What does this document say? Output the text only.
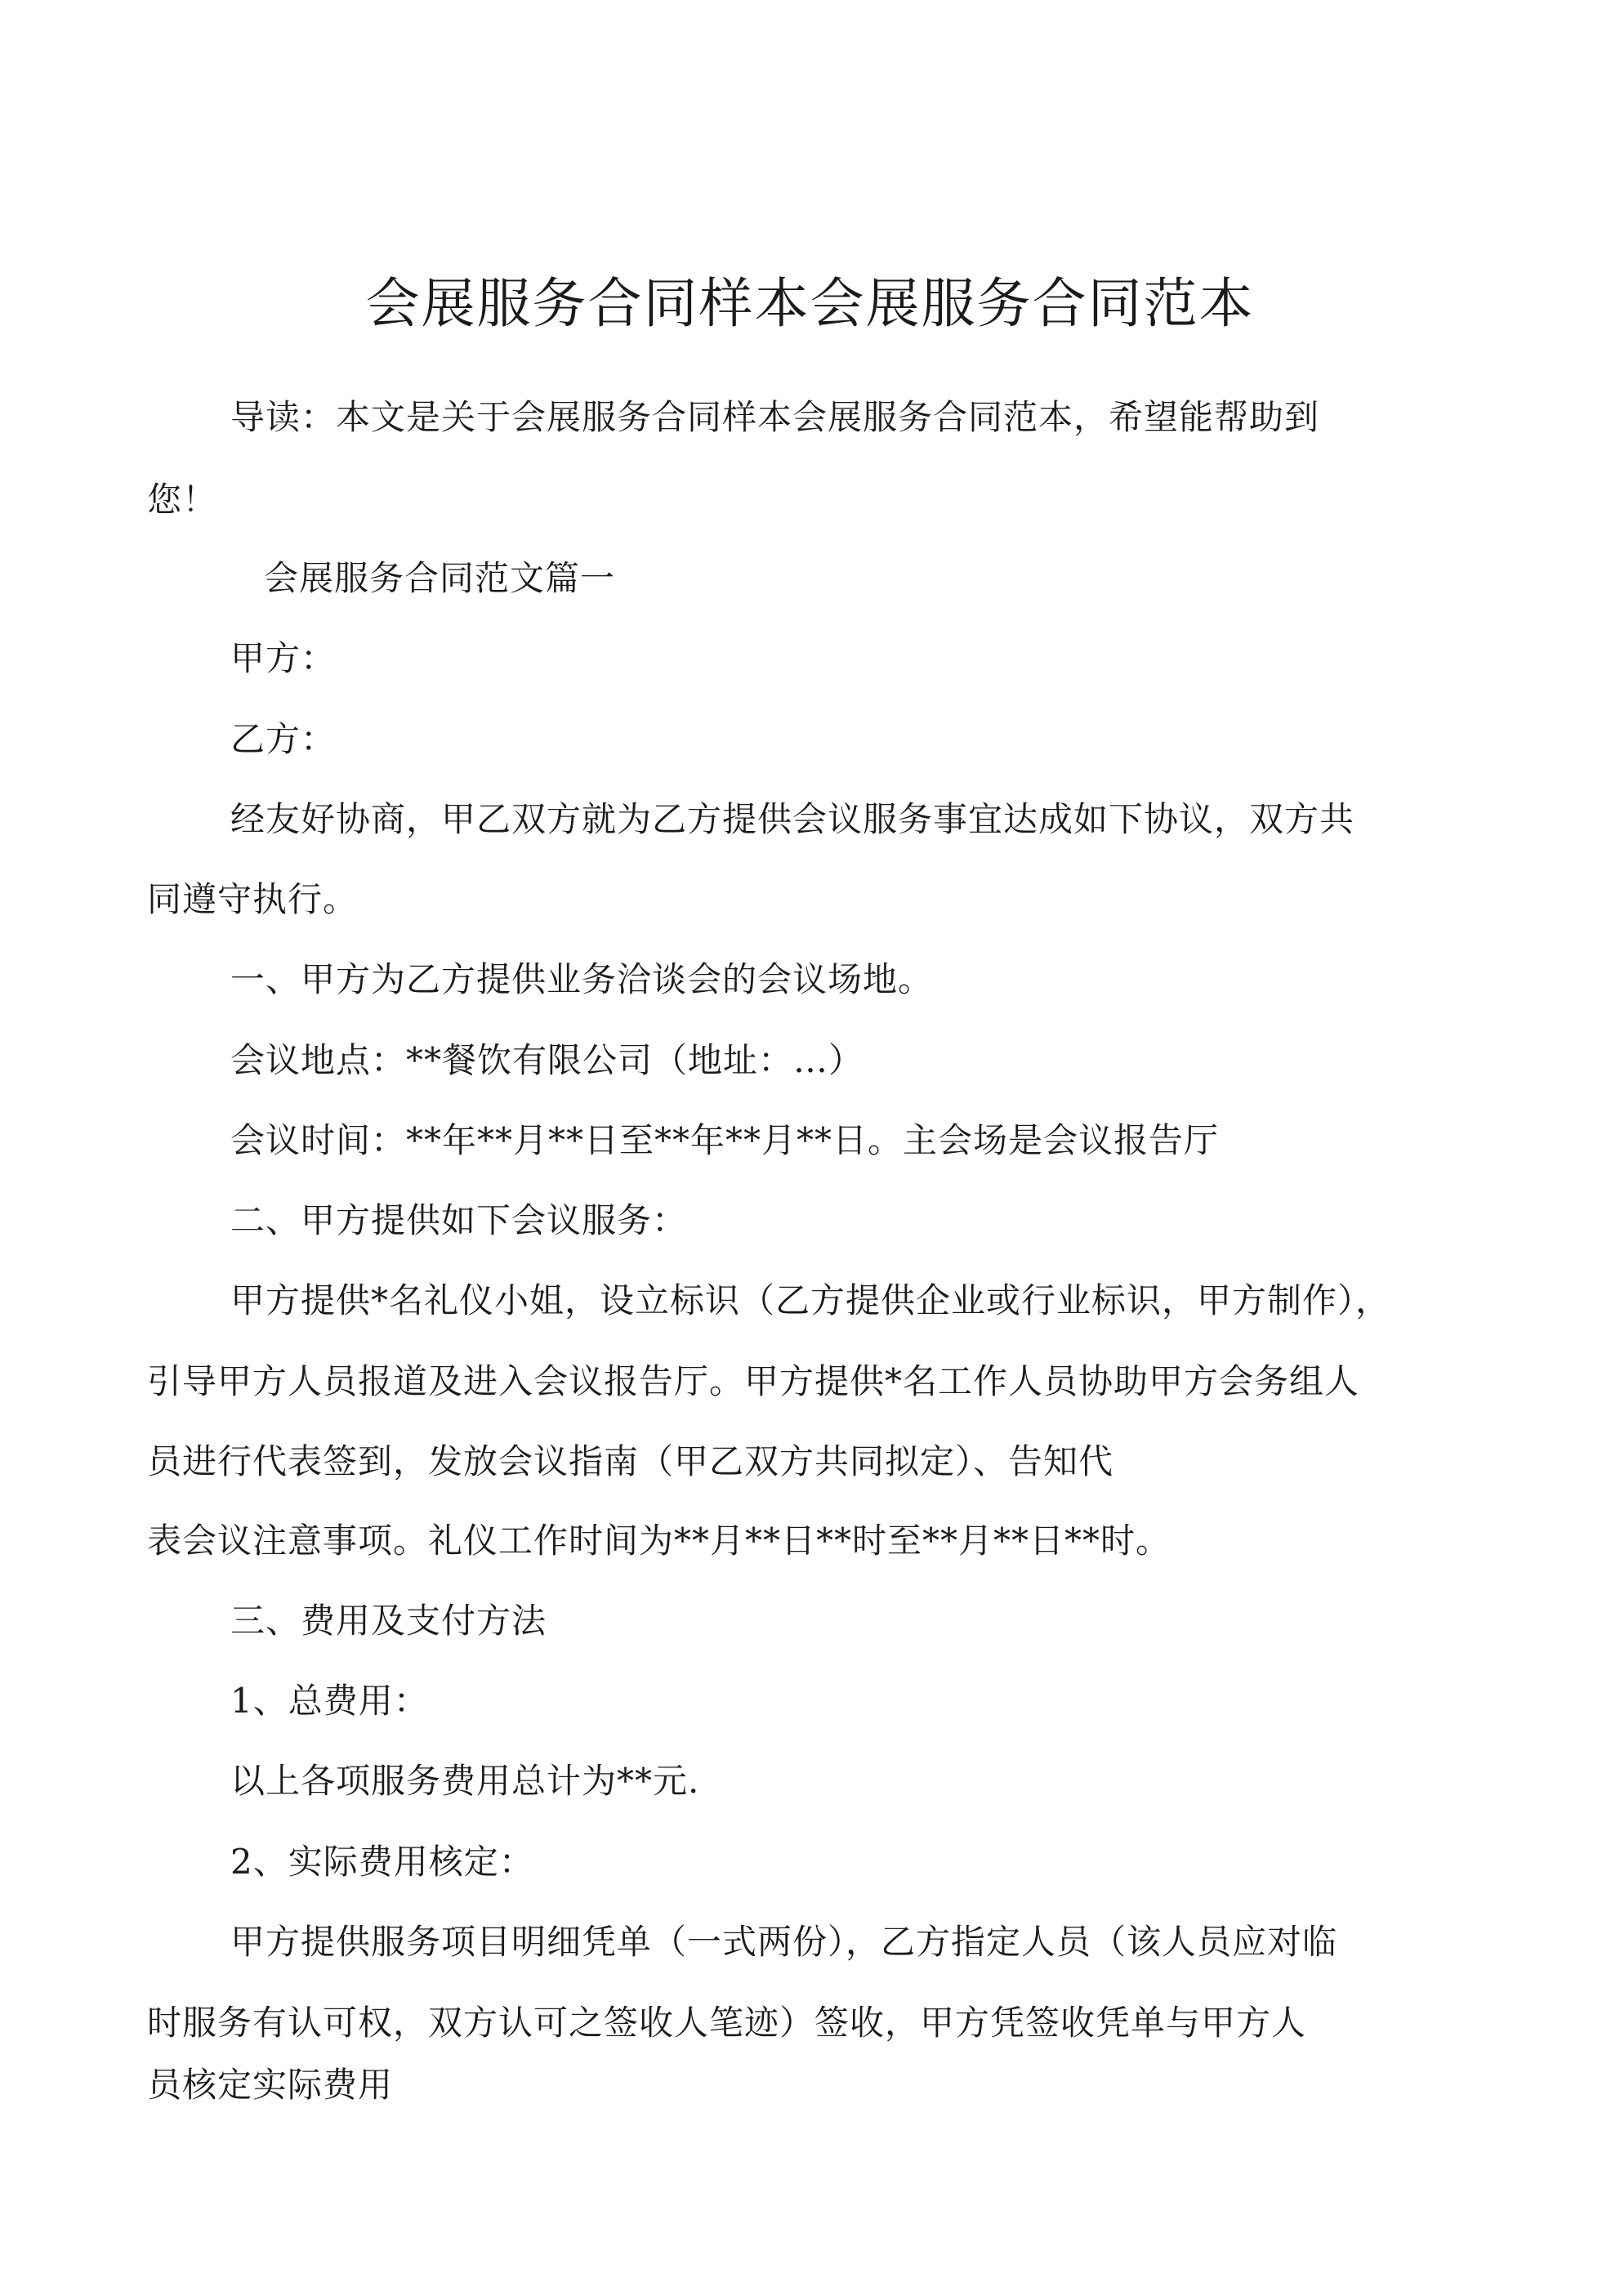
会展服务合同样本会展服务合同范本
导读：本文是关于会展服务合同样本会展服务合同范本，希望能帮助到
您！
会展服务合同范文篇一
甲方：
乙方：
经友好协商，甲乙双方就为乙方提供会议服务事宜达成如下协议，双方共
同遵守执行。
一、甲方为乙方提供业务洽谈会的会议场地。
会议地点：**餐饮有限公司（地址：…）
会议时间：**年**月**日至**年**月**日。主会场是会议报告厅
二、甲方提供如下会议服务：
甲方提供*名礼仪小姐，设立标识（乙方提供企业或行业标识，甲方制作），
引导甲方人员报道及进入会议报告厅。甲方提供*名工作人员协助甲方会务组人
员进行代表签到，发放会议指南（甲乙双方共同拟定）、告知代
表会议注意事项。礼仪工作时间为**月**日**时至**月**日**时。
三、费用及支付方法
1、总费用：
以上各项服务费用总计为**元.
2、实际费用核定：
甲方提供服务项目明细凭单（一式两份），乙方指定人员（该人员应对临
时服务有认可权，双方认可之签收人笔迹）签收，甲方凭签收凭单与甲方人
员核定实际费用
